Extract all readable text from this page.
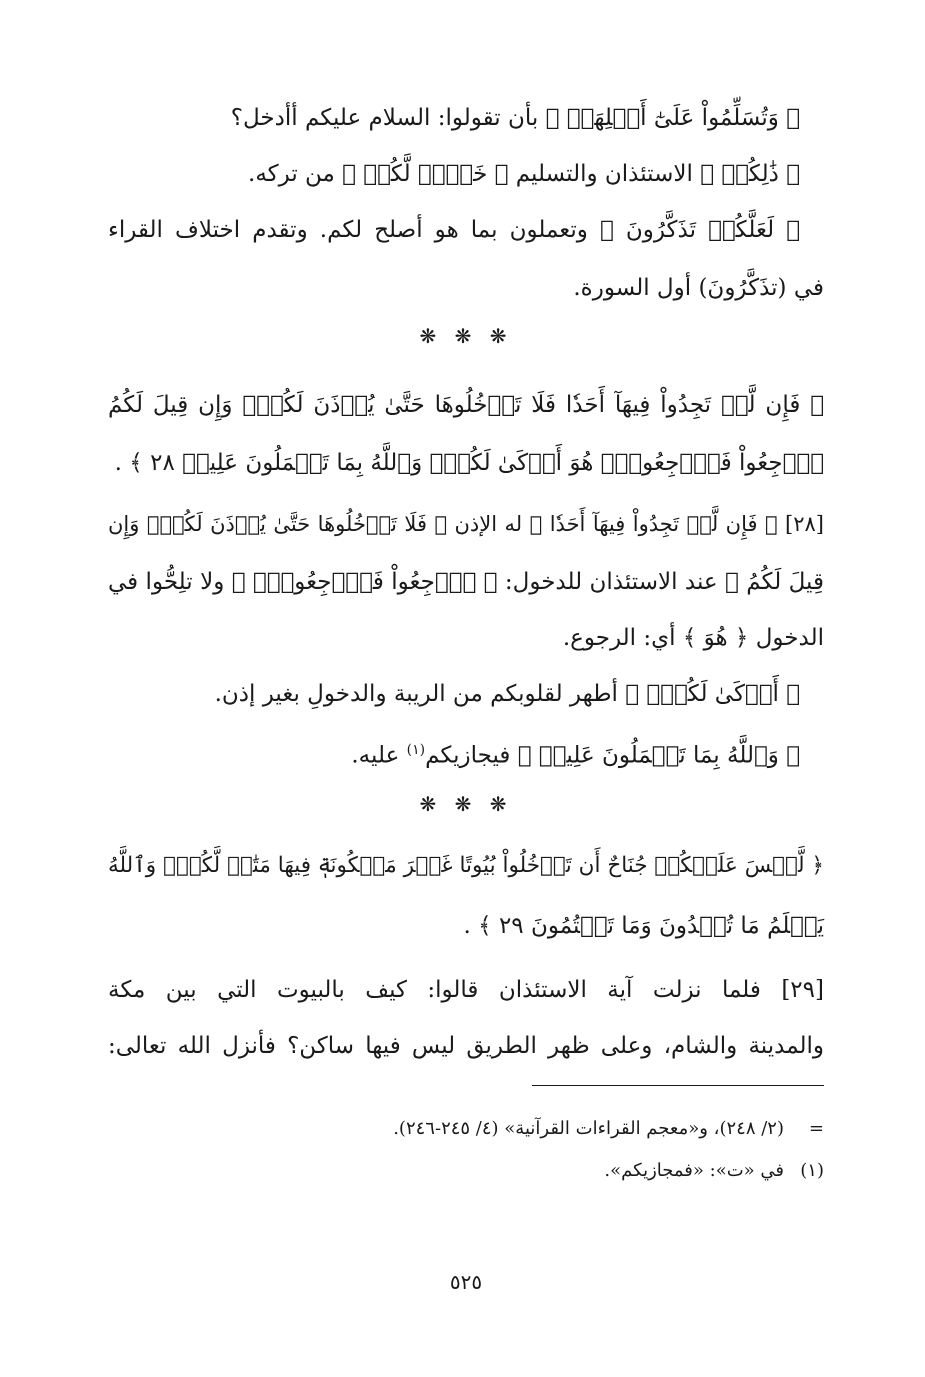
﴿ وَتُسَلِّمُواْ عَلَىٰٓ أَهۡلِهَاۚ ﴾ بأن تقولوا: السلام عليكم أأدخل؟
﴿ ذَٰلِكُمۡ ﴾ الاستئذان والتسليم ﴿ خَيۡرٞ لَّكُمۡ ﴾ من تركه.
﴿ لَعَلَّكُمۡ تَذَكَّرُونَ ﴾ وتعملون بما هو أصلح لكم. وتقدم اختلاف القراء
في (تذَكَّرُونَ) أول السورة.
❋ ❋ ❋
﴿ فَإِن لَّمۡ تَجِدُواْ فِيهَآ أَحَدٗا فَلَا تَدۡخُلُوهَا حَتَّىٰ يُؤۡذَنَ لَكُمۡۖ وَإِن قِيلَ لَكُمُ
ٱرۡجِعُواْ فَٱرۡجِعُواْۖ هُوَ أَزۡكَىٰ لَكُمۡۚ وَٱللَّهُ بِمَا تَعۡمَلُونَ عَلِيمٞ ٢٨ ﴾ .
[٢٨] ﴿ فَإِن لَّمۡ تَجِدُواْ فِيهَآ أَحَدٗا ﴾ له الإذن ﴿ فَلَا تَدۡخُلُوهَا حَتَّىٰ يُؤۡذَنَ لَكُمۡۖ وَإِن
قِيلَ لَكُمُ ﴾ عند الاستئذان للدخول: ﴿ ٱرۡجِعُواْ فَٱرۡجِعُواْۖ ﴾ ولا تلِحُّوا في
الدخول ﴿ هُوَ ﴾ أي: الرجوع.
﴿ أَزۡكَىٰ لَكُمۡۚ ﴾ أطهر لقلوبكم من الريبة والدخولِ بغير إذن.
﴿ وَٱللَّهُ بِمَا تَعۡمَلُونَ عَلِيمٞ ﴾ فيجازيكم$^{(١)}$ عليه.
❋ ❋ ❋
﴿ لَّيۡسَ عَلَيۡكُمۡ جُنَاحٌ أَن تَدۡخُلُواْ بُيُوتًا غَيۡرَ مَسۡكُونَةٖ فِيهَا مَتَٰعٞ لَّكُمۡۚ وَٱللَّهُ
يَعۡلَمُ مَا تُبۡدُونَ وَمَا تَكۡتُمُونَ ٢٩ ﴾ .
[٢٩] فلما نزلت آية الاستئذان قالوا: كيف بالبيوت التي بين مكة
والمدينة والشام، وعلى ظهر الطريق ليس فيها ساكن؟ فأنزل الله تعالى:
=(٢/ ٢٤٨)، و«معجم القراءات القرآنية» (٤/ ٢٤٥-٢٤٦).
(١)في «ت»: «فمجازيكم».
٥٢٥
